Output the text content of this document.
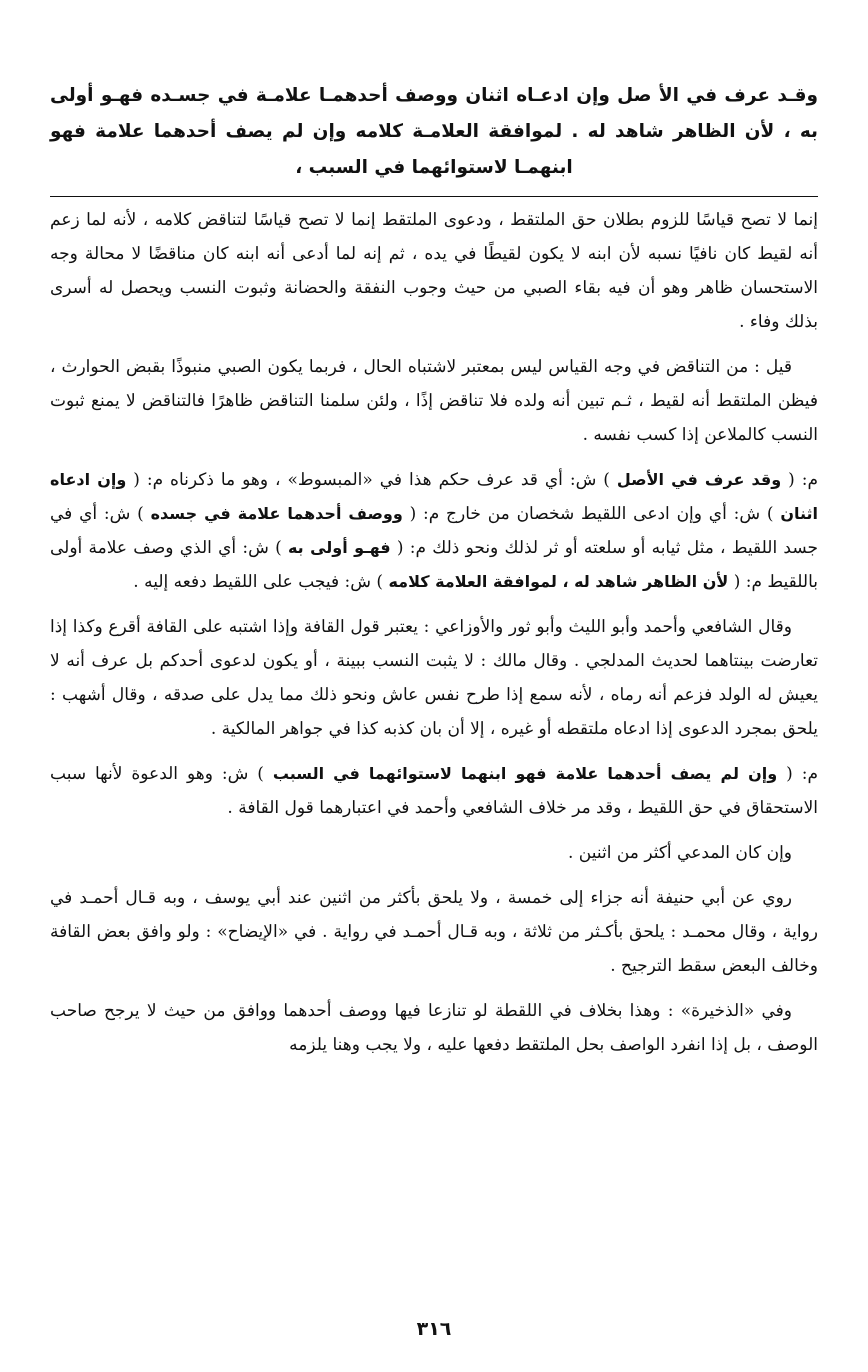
وقـد عرف في الأ صل وإن ادعـاه اثنان ووصف أحدهمـا علامـة في جسـده فهـو أولى به ، لأن الظاهر شاهد له . لموافقة العلامـة كلامه وإن لم يصف أحدهما علامة فهو ابنهمـا لاستوائهما في السبب ،

إنما لا تصح قياسًا للزوم بطلان حق الملتقط ، ودعوى الملتقط إنما لا تصح قياسًا لتناقض كلامه ، لأنه لما زعم أنه لقيط كان نافيًا نسبه لأن ابنه لا يكون لقيطًا في يده ، ثم إنه لما أدعى أنه ابنه كان مناقضًا لا محالة وجه الاستحسان ظاهر وهو أن فيه بقاء الصبي من حيث وجوب النفقة والحضانة وثبوت النسب ويحصل له أسرى بذلك وفاء .

قيل : من التناقض في وجه القياس ليس بمعتبر لاشتباه الحال ، فربما يكون الصبي منبوذًا بقبض الحوارث ، فيظن الملتقط أنه لقيط ، ثـم تبين أنه ولده فلا تناقض إذًا ، ولئن سلمنا التناقض ظاهرًا فالتناقض لا يمنع ثبوت النسب كالملاعن إذا كسب نفسه .

م: ( وقد عرف في الأصل ) ش: أي قد عرف حكم هذا في «المبسوط» ، وهو ما ذكرناه م: ( وإن ادعاه اثنان ) ش: أي وإن ادعى اللقيط شخصان من خارج م: ( ووصف أحدهما علامة في جسده ) ش: أي في جسد اللقيط ، مثل ثيابه أو سلعته أو ثر لذلك ونحو ذلك م: ( فهـو أولى به ) ش: أي الذي وصف علامة أولى باللقيط م: ( لأن الظاهر شاهد له ، لموافقة العلامة كلامه ) ش: فيجب على اللقيط دفعه إليه .

وقال الشافعي وأحمد وأبو الليث وأبو ثور والأوزاعي : يعتبر قول القافة وإذا اشتبه على القافة أقرع وكذا إذا تعارضت بينتاهما لحديث المدلجي . وقال مالك : لا يثبت النسب ببينة ، أو يكون لدعوى أحدكم بل عرف أنه لا يعيش له الولد فزعم أنه رماه ، لأنه سمع إذا طرح نفس عاش ونحو ذلك مما يدل على صدقه ، وقال أشهب : يلحق بمجرد الدعوى إذا ادعاه ملتقطه أو غيره ، إلا أن بان كذبه كذا في جواهر المالكية .

م: ( وإن لم يصف أحدهما علامة فهو ابنهما لاستوائهما في السبب ) ش: وهو الدعوة لأنها سبب الاستحقاق في حق اللقيط ، وقد مر خلاف الشافعي وأحمد في اعتبارهما قول القافة .

وإن كان المدعي أكثر من اثنين .

روي عن أبي حنيفة أنه جزاء إلى خمسة ، ولا يلحق بأكثر من اثنين عند أبي يوسف ، وبه قـال أحمـد في رواية ، وقال محمـد : يلحق بأكـثر من ثلاثة ، وبه قـال أحمـد في رواية . في «الإيضاح» : ولو وافق بعض القافة وخالف البعض سقط الترجيح .

وفي «الذخيرة» : وهذا بخلاف في اللقطة لو تنازعا فيها ووصف أحدهما ووافق من حيث لا يرجح صاحب الوصف ، بل إذا انفرد الواصف بحل الملتقط دفعها عليه ، ولا يجب وهنا يلزمه

٣١٦
